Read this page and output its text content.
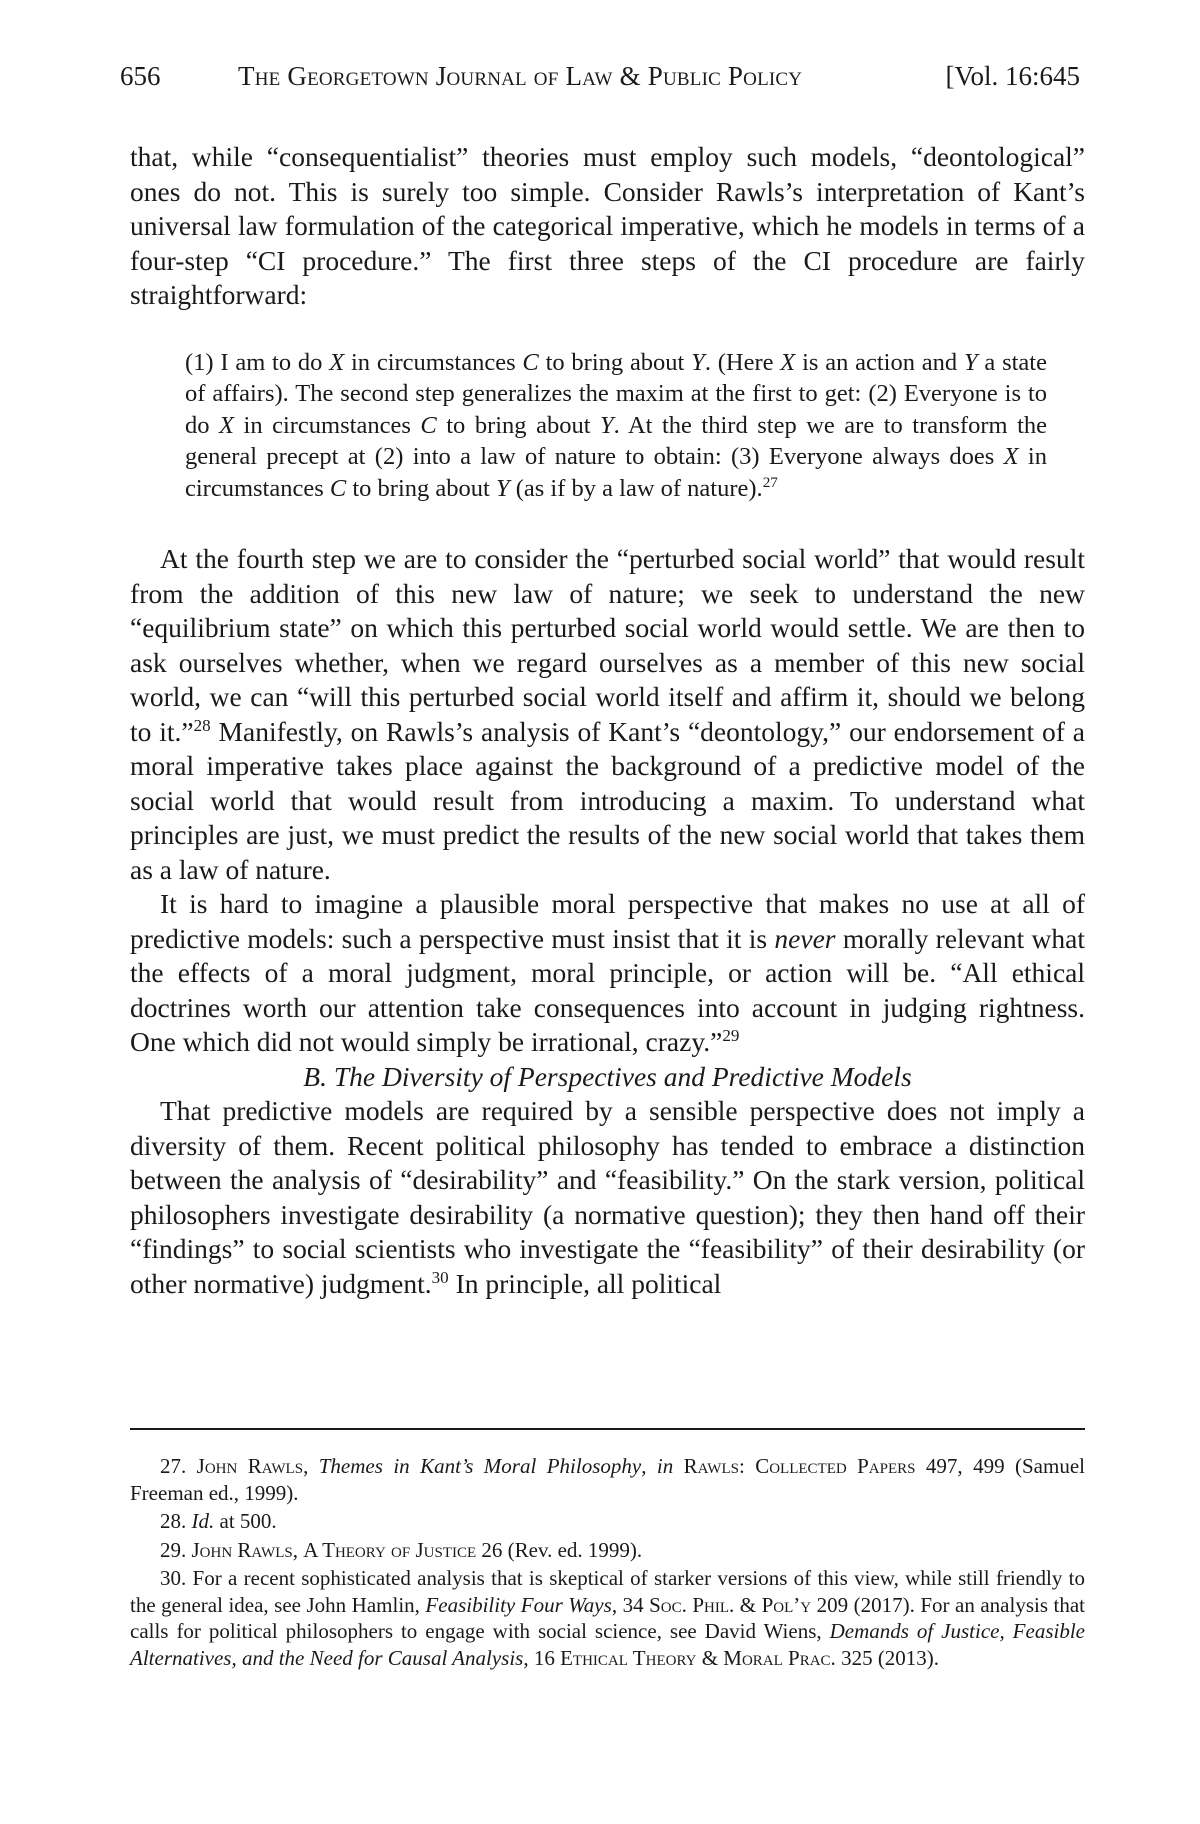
656	The Georgetown Journal of Law & Public Policy	[Vol. 16:645

that, while “consequentialist” theories must employ such models, “deontological” ones do not. This is surely too simple. Consider Rawls’s interpretation of Kant’s universal law formulation of the categorical imperative, which he models in terms of a four-step “CI procedure.” The first three steps of the CI procedure are fairly straightforward:

(1) I am to do X in circumstances C to bring about Y. (Here X is an action and Y a state of affairs). The second step generalizes the maxim at the first to get: (2) Everyone is to do X in circumstances C to bring about Y. At the third step we are to transform the general precept at (2) into a law of nature to obtain: (3) Everyone always does X in circumstances C to bring about Y (as if by a law of nature).$^{27}$

At the fourth step we are to consider the “perturbed social world” that would result from the addition of this new law of nature; we seek to understand the new “equilibrium state” on which this perturbed social world would settle. We are then to ask ourselves whether, when we regard ourselves as a member of this new social world, we can “will this perturbed social world itself and affirm it, should we belong to it.”$^{28}$ Manifestly, on Rawls’s analysis of Kant’s “deontology,” our endorsement of a moral imperative takes place against the background of a predictive model of the social world that would result from introducing a maxim. To understand what principles are just, we must predict the results of the new social world that takes them as a law of nature.

It is hard to imagine a plausible moral perspective that makes no use at all of predictive models: such a perspective must insist that it is never morally relevant what the effects of a moral judgment, moral principle, or action will be. “All ethical doctrines worth our attention take consequences into account in judging rightness. One which did not would simply be irrational, crazy.”$^{29}$

B. The Diversity of Perspectives and Predictive Models

That predictive models are required by a sensible perspective does not imply a diversity of them. Recent political philosophy has tended to embrace a distinction between the analysis of “desirability” and “feasibility.” On the stark version, political philosophers investigate desirability (a normative question); they then hand off their “findings” to social scientists who investigate the “feasibility” of their desirability (or other normative) judgment.$^{30}$ In principle, all political

27. John Rawls, Themes in Kant’s Moral Philosophy, in Rawls: Collected Papers 497, 499 (Samuel Freeman ed., 1999).

28. Id. at 500.

29. John Rawls, A Theory of Justice 26 (Rev. ed. 1999).

30. For a recent sophisticated analysis that is skeptical of starker versions of this view, while still friendly to the general idea, see John Hamlin, Feasibility Four Ways, 34 Soc. Phil. & Pol’y 209 (2017). For an analysis that calls for political philosophers to engage with social science, see David Wiens, Demands of Justice, Feasible Alternatives, and the Need for Causal Analysis, 16 Ethical Theory & Moral Prac. 325 (2013).
